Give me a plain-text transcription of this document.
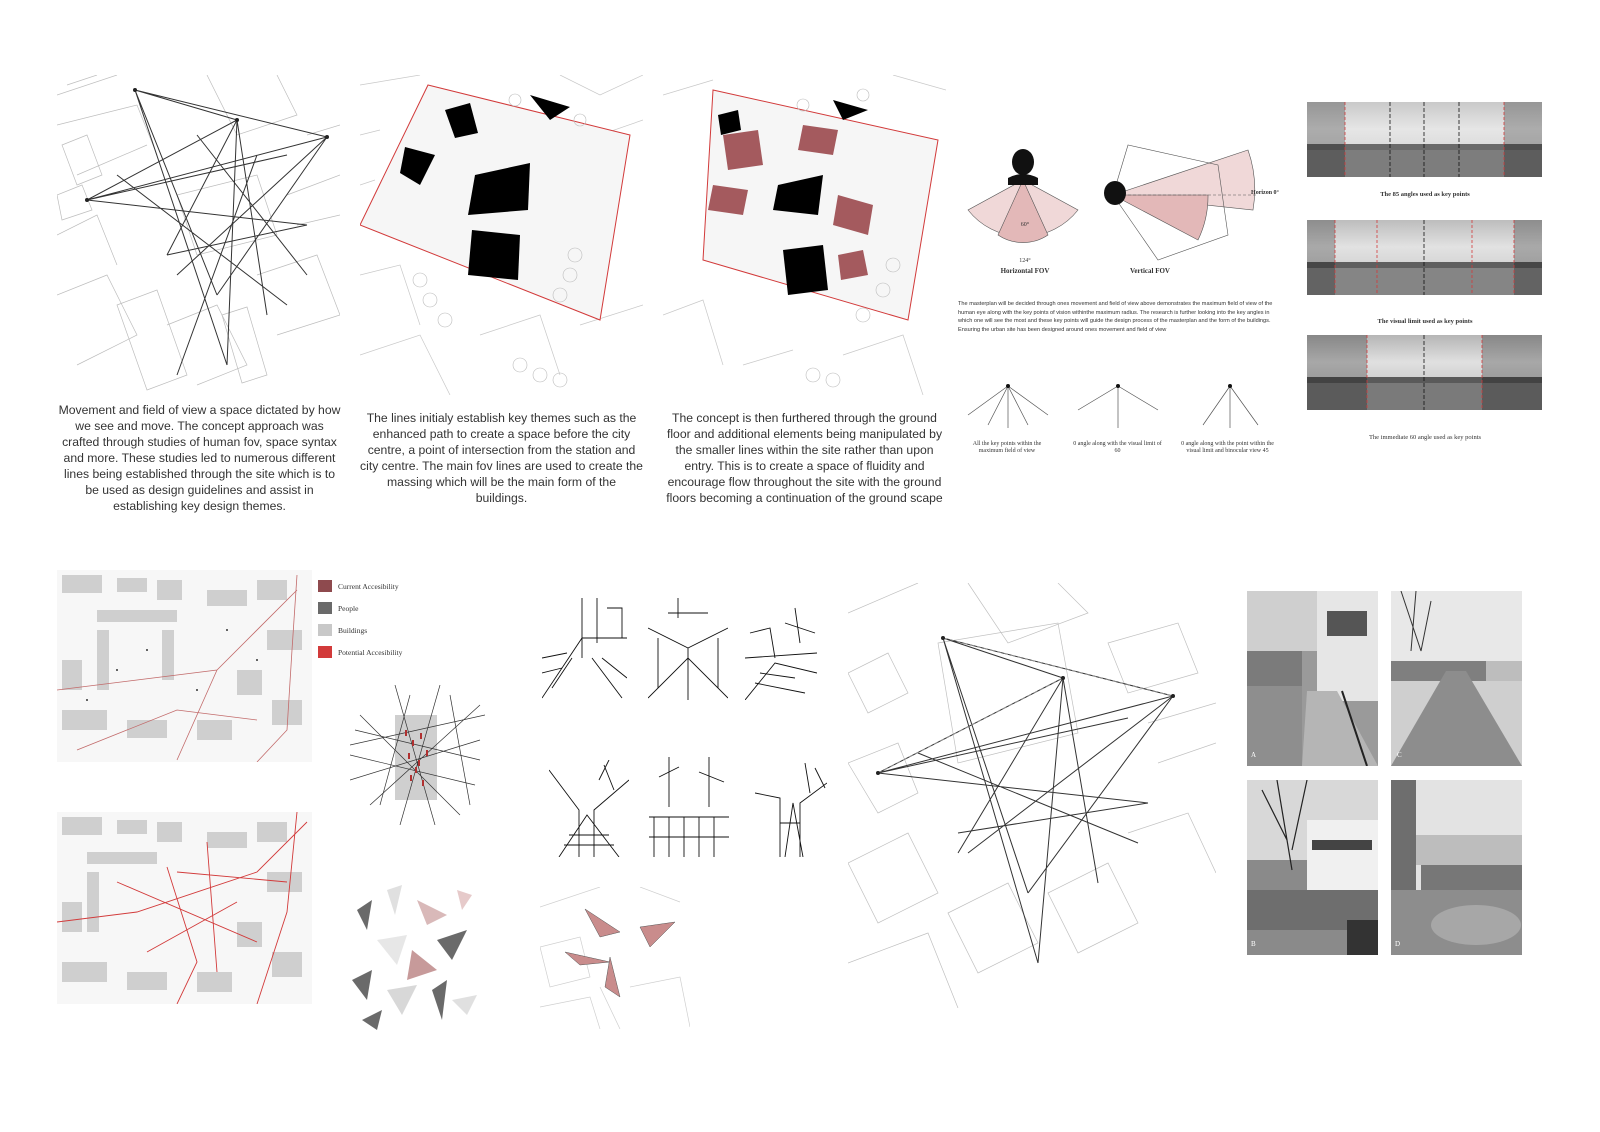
Movement and field of view a space dictated by how we see and move. The concept approach was crafted through studies of human fov, space syntax and more. These studies led to numerous different lines being established through the site which is to be used as design guidelines and assist in establishing key design themes.
The lines initialy establish key themes such as the enhanced path to create a space before the city centre, a point of intersection from the station and city centre. The main fov lines are used to create the massing which will be the main form of the buildings.
The concept is then furthered through the ground floor and additional elements being manipulated by the smaller lines within the site rather than upon entry. This is to create a space of fluidity and encourage flow throughout the site with the ground floors becoming a continuation of the ground scape
Horizontal FOV	Vertical FOV
Horizon 0°
124°
60°
The masterplan will be decided through ones movement and field of view above demonstrates the maximum field of view of the human eye along with the key points of vision withinthe maximum radius. The research is further looking into the key angles in which one will see the most and these key points will guide the design process of the masterplan and the form of the buildings. Ensuring the urban site has been designed around ones movement and field of view
All the key points within the maximum field of view
0 angle along with the visual limit of 60
0 angle along with the point within the visual limit and binocular view 45
The 85 angles used as key points
The visual limit used as key points
The immediate 60 angle used as key points
Current Accesibility
People
Buildings
Potential Accesibility
A	C
B	D
